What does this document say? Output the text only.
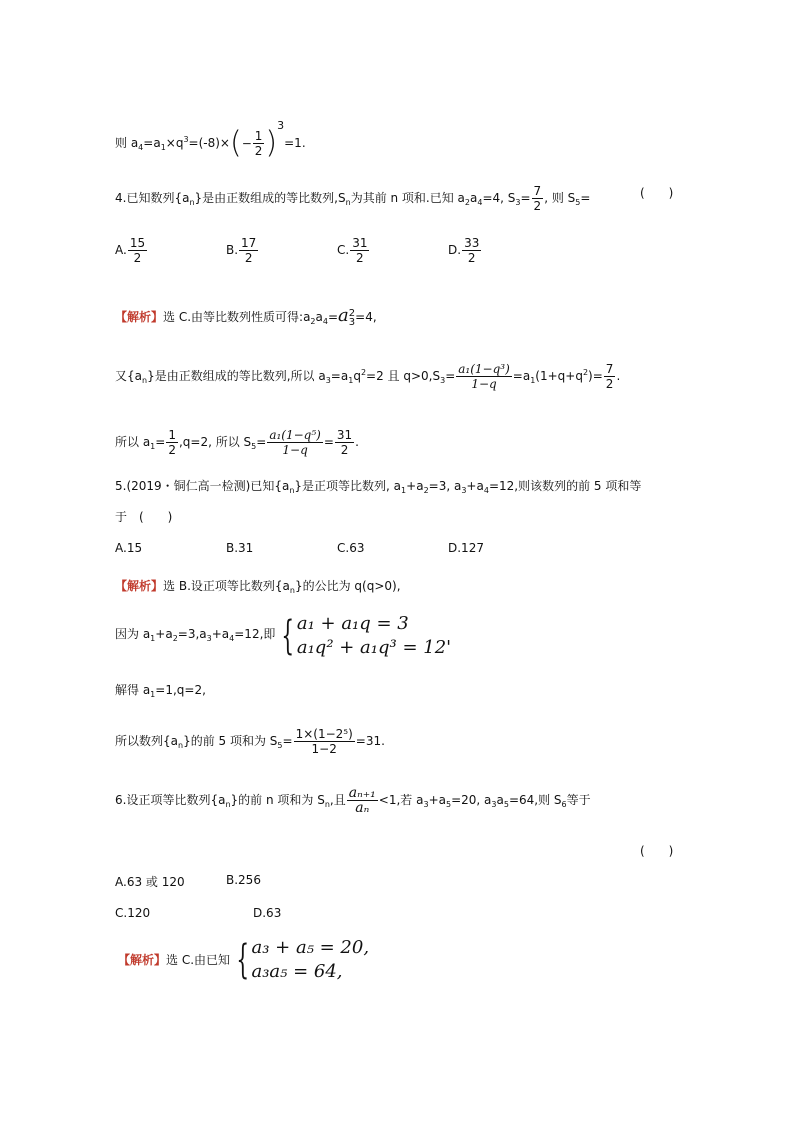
则 $a_4=a_1\times q^3=(-8)\times(- \frac{1}{2} )^3=1$.
4.已知数列$\{a_n\}$是由正数组成的等比数列$,S_n$为其前 n 项和.已知 $a_2a_4=4$, $S_3= \frac{7}{2}$ , 则 $S_5=$	(　　)
A. $\frac{15}{2}$	B. $\frac{17}{2}$	C. $\frac{31}{2}$	D. $\frac{33}{2}$
【解析】选 C.由等比数列性质可得$:a_2a_4=a$ 2
3 =4,
又$\{a_n\}$是由正数组成的等比数列,所以 $a_3=a_1q^2=2$ 且 $q>0,S_3= \frac{\text{a₁(1−q³)}}{1-q} =a_1(1+q+q^2)= \frac{7}{2}$ .
所以 $a_1= \frac{1}{2} ,q=2$, 所以 $S_5= \frac{\text{a₁(1−q⁵)}}{1-q} = \frac{31}{2}$ .
5.(2019・铜仁高一检测)已知$\{a_n\}$是正项等比数列, $a_1+a_2=3$, $a_3+a_4=12$,则该数列的前 5 项和等
于　(　　)
A.15	B.31	C.63	D.127
【解析】选 B.设正项等比数列$\{a_n\}$的公比为 q(q>0),
因为 $a_1+a_2=3,a_3+a_4=12$,即 { a₁ + a₁q = 3
a₁q² + a₁q³ = 12'
解得 $a_1=1,q=2$,
所以数列$\{a_n\}$的前 5 项和为 $S_5= \frac{\text{1×(1−2⁵)}}{1-2} =31$.
6.设正项等比数列$\{a_n\}$的前 n 项和为 $S_n$,且 $\frac{\text{aₙ₊₁}}{\text{aₙ}} <1$,若 $a_3+a_5=20$, $a_3a_5=64$,则 $S_6$等于
(　　)
A.63 或 120	B.256
C.120	D.63
【解析】选 C.由已知 { a₃ + a₅ = 20,
a₃a₅ = 64,
